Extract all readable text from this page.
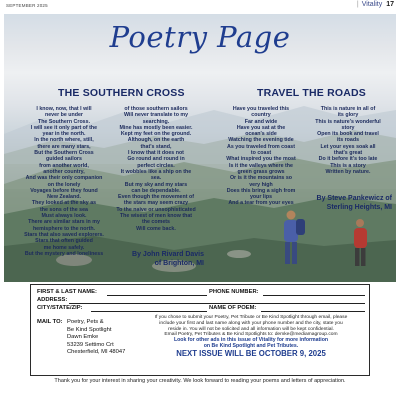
SEPTEMBER 2025	| Vitality 17
Poetry Page
THE SOUTHERN CROSS	TRAVEL THE ROADS
I know, now, that I will
never be under
The Southern Cross.
I will see it only part of the
year in the north.
In the north where, still,
there are many stars,
But the Southern Cross
guided sailors
from another world,
another country,
And was their only companion
on the lonely
Voyages before they found
New Zealand.
They looked at the sky as
the sons of the sea
Must always look.
There are similar stars in my
hemisphere to the north.
Stars that also saved explorers.
Stars that often guided
me home safely.
But the mystery and loneliness
of those southern sailors
Will never translate to my
searching.
Mine has mostly been easier.
Kept my feet on the ground.
Although, on the earth
that's stand,
I know that it does not
Go round and round in
perfect circles.
It wobbles like a ship on the
sea.
But my sky and my stars
can be dependable.
Even though the movement of
the stars may seem crazy
To the naive or unsophisticated
The wisest of men know that
the comets
Will come back.
By John Rivard Davis
of Brighton, MI
Have you traveled this
country
Far and wide
Have you sat at the
ocean's side
Watching the evening tide
As you traveled from coast
to coast
What inspired you the most
Is it the valleys where the
green grass grows
Or is it the mountains so
very high
Does this bring a sigh from
your lips
And a tear from your eyes
This is nature in all of
its glory
This is nature's wonderful
story
Open its book and travel
its roads
Let your eyes soak all
that's great
Do it before it's too late
This is a story
Written by nature.
By Steve Pankewicz of
Sterling Heights, MI
FIRST & LAST NAME:	PHONE NUMBER:
ADDRESS:
CITY/STATE/ZIP:	NAME OF POEM:
MAIL TO: Poetry, Pets &
Be Kind Spotlight
Dawn Emke
53239 Settimo Crt
Chesterfield, MI 48047

If you chose to submit your Poetry, Pet Tribute or Be Kind Spotlight through email, please
include your first and last name along with your phone number and the city, state you
reside in. You will not be solicited and all information will be kept confidential.
Email Poetry, Pet Tributes & Be Kind Spotlights to: demke@mediamagroup.com

Look for other ads in this issue of Vitality for more information
on Be Kind Spotlight and Pet Tributes.

NEXT ISSUE WILL BE OCTOBER 9, 2025
Thank you for your interest in sharing your creativity. We look forward to reading your poems and letters of appreciation.
